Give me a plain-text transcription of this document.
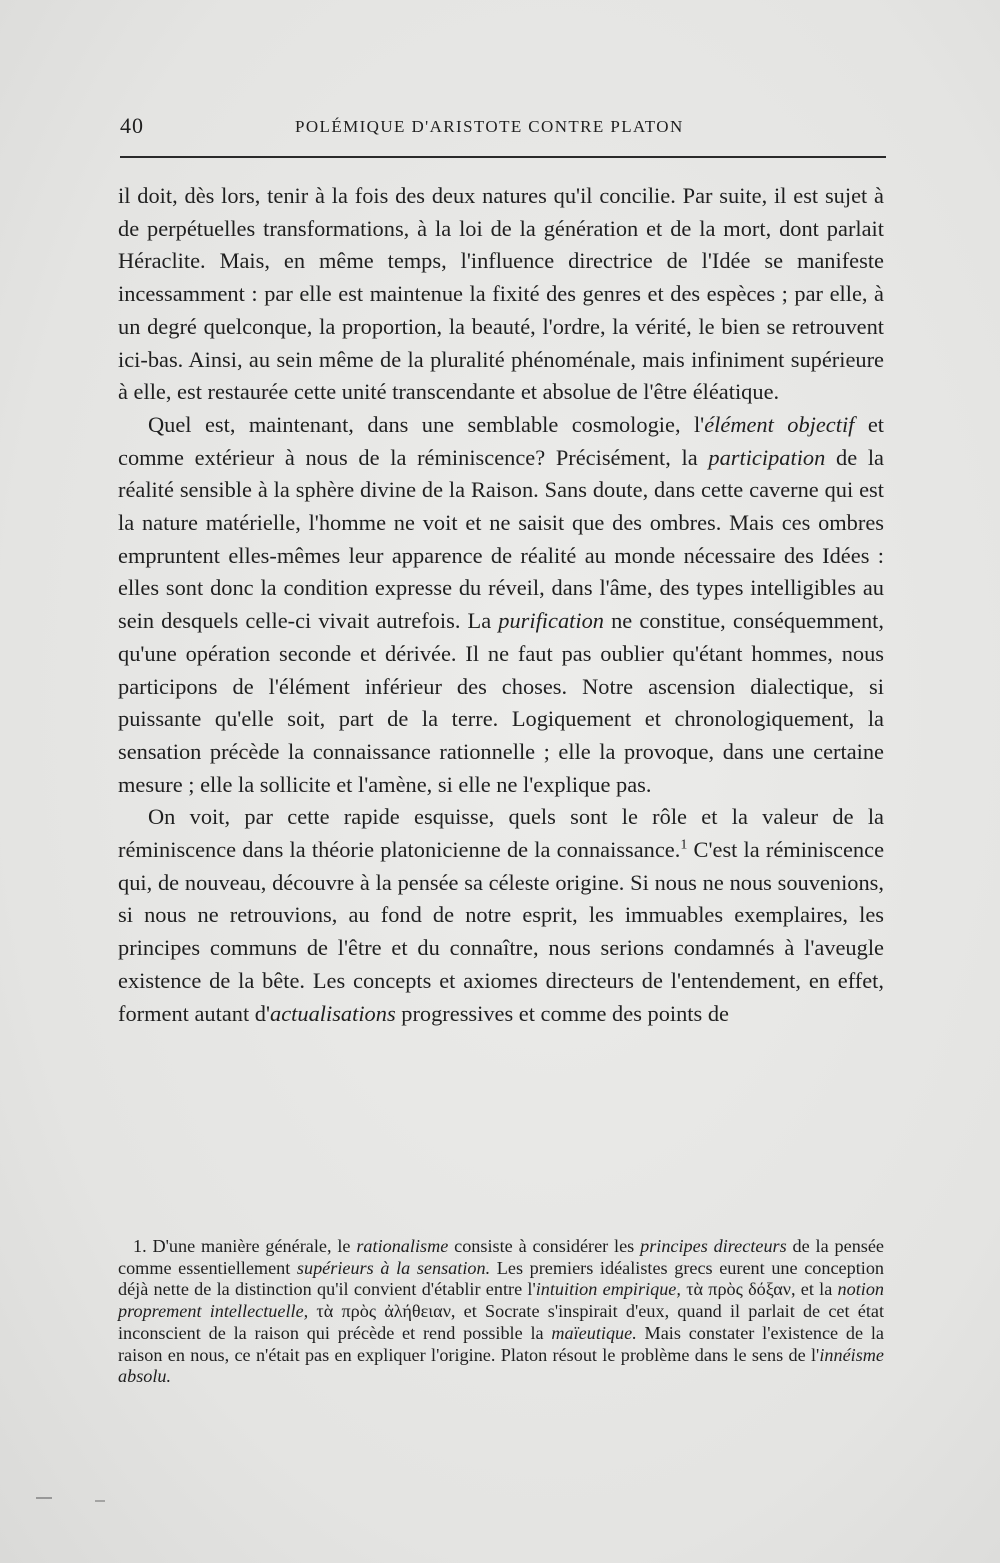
40	POLÉMIQUE D'ARISTOTE CONTRE PLATON

il doit, dès lors, tenir à la fois des deux natures qu'il concilie. Par suite, il est sujet à de perpétuelles transformations, à la loi de la génération et de la mort, dont parlait Héraclite. Mais, en même temps, l'influence directrice de l'Idée se manifeste incessamment : par elle est maintenue la fixité des genres et des espèces ; par elle, à un degré quelconque, la proportion, la beauté, l'ordre, la vérité, le bien se retrouvent ici-bas. Ainsi, au sein même de la pluralité phénoménale, mais infiniment supérieure à elle, est restaurée cette unité transcendante et absolue de l'être éléatique.

Quel est, maintenant, dans une semblable cosmologie, l'élément objectif et comme extérieur à nous de la réminiscence? Précisément, la participation de la réalité sensible à la sphère divine de la Raison. Sans doute, dans cette caverne qui est la nature matérielle, l'homme ne voit et ne saisit que des ombres. Mais ces ombres empruntent elles-mêmes leur apparence de réalité au monde nécessaire des Idées : elles sont donc la condition expresse du réveil, dans l'âme, des types intelligibles au sein desquels celle-ci vivait autrefois. La purification ne constitue, conséquemment, qu'une opération seconde et dérivée. Il ne faut pas oublier qu'étant hommes, nous participons de l'élément inférieur des choses. Notre ascension dialectique, si puissante qu'elle soit, part de la terre. Logiquement et chronologiquement, la sensation précède la connaissance rationnelle ; elle la provoque, dans une certaine mesure ; elle la sollicite et l'amène, si elle ne l'explique pas.

On voit, par cette rapide esquisse, quels sont le rôle et la valeur de la réminiscence dans la théorie platonicienne de la connaissance.$^1$ C'est la réminiscence qui, de nouveau, découvre à la pensée sa céleste origine. Si nous ne nous souvenions, si nous ne retrouvions, au fond de notre esprit, les immuables exemplaires, les principes communs de l'être et du connaître, nous serions condamnés à l'aveugle existence de la bête. Les concepts et axiomes directeurs de l'entendement, en effet, forment autant d'actualisations progressives et comme des points de

1. D'une manière générale, le rationalisme consiste à considérer les principes directeurs de la pensée comme essentiellement supérieurs à la sensation. Les premiers idéalistes grecs eurent une conception déjà nette de la distinction qu'il convient d'établir entre l'intuition empirique, τὰ πρὸς δόξαν, et la notion proprement intellectuelle, τὰ πρὸς ἀλήθειαν, et Socrate s'inspirait d'eux, quand il parlait de cet état inconscient de la raison qui précède et rend possible la maïeutique. Mais constater l'existence de la raison en nous, ce n'était pas en expliquer l'origine. Platon résout le problème dans le sens de l'innéisme absolu.
